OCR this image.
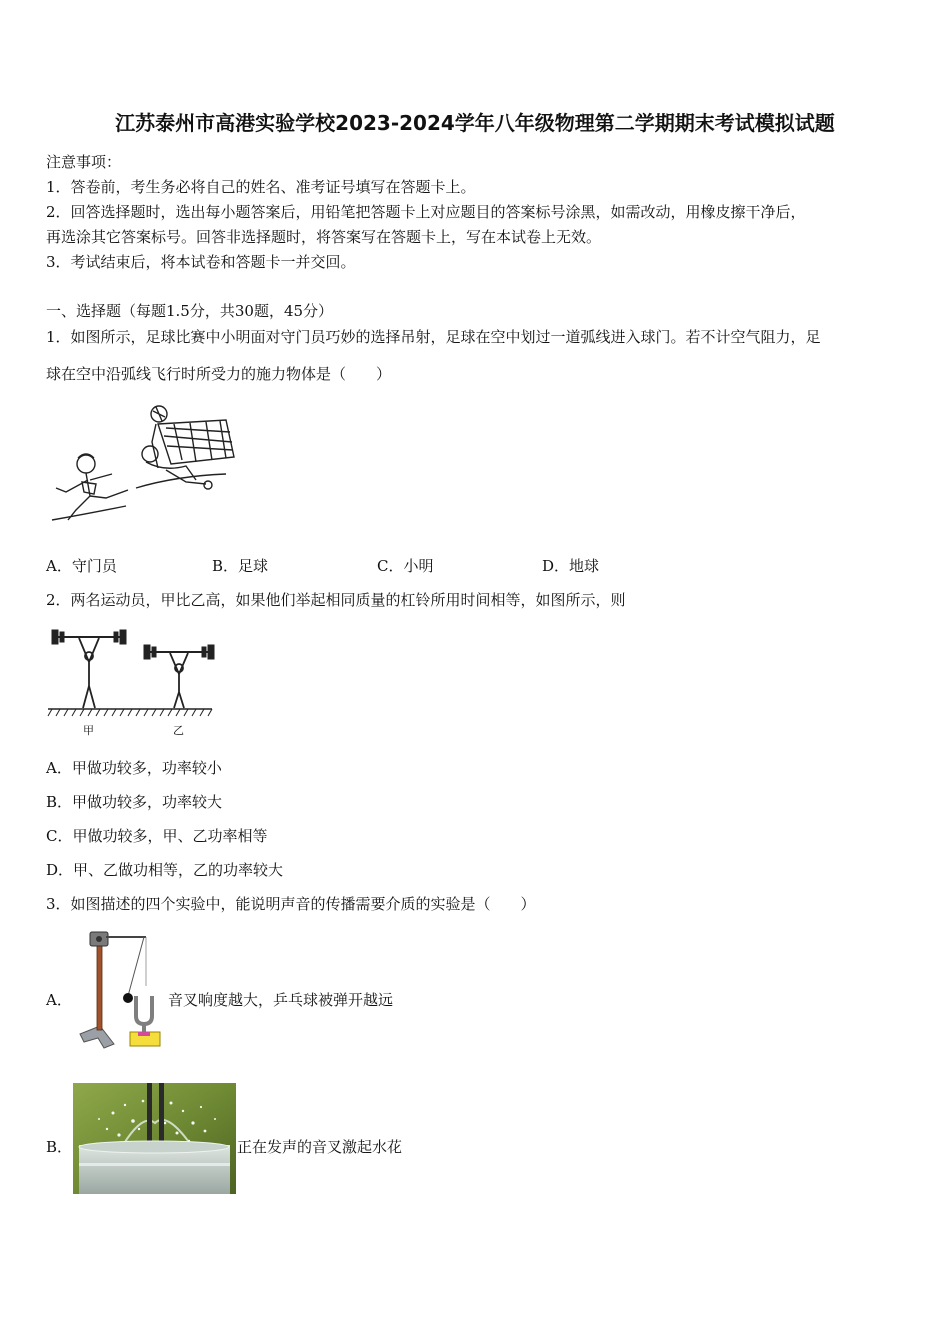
江苏泰州市高港实验学校2023-2024学年八年级物理第二学期期末考试模拟试题
注意事项：
1．答卷前，考生务必将自己的姓名、准考证号填写在答题卡上。
2．回答选择题时，选出每小题答案后，用铅笔把答题卡上对应题目的答案标号涂黑，如需改动，用橡皮擦干净后，
再选涂其它答案标号。回答非选择题时，将答案写在答题卡上，写在本试卷上无效。
3．考试结束后，将本试卷和答题卡一并交回。
一、选择题（每题1.5分，共30题，45分）
1．如图所示，足球比赛中小明面对守门员巧妙的选择吊射，足球在空中划过一道弧线进入球门。若不计空气阻力，足
球在空中沿弧线飞行时所受力的施力物体是（　　）
A．守门员	B．足球	C．小明	D．地球
2．两名运动员，甲比乙高，如果他们举起相同质量的杠铃所用时间相等，如图所示，则
甲	乙
A．甲做功较多，功率较小
B．甲做功较多，功率较大
C．甲做功较多，甲、乙功率相等
D．甲、乙做功相等，乙的功率较大
3．如图描述的四个实验中，能说明声音的传播需要介质的实验是（　　）
A．	音叉响度越大，乒乓球被弹开越远
B．	正在发声的音叉激起水花
